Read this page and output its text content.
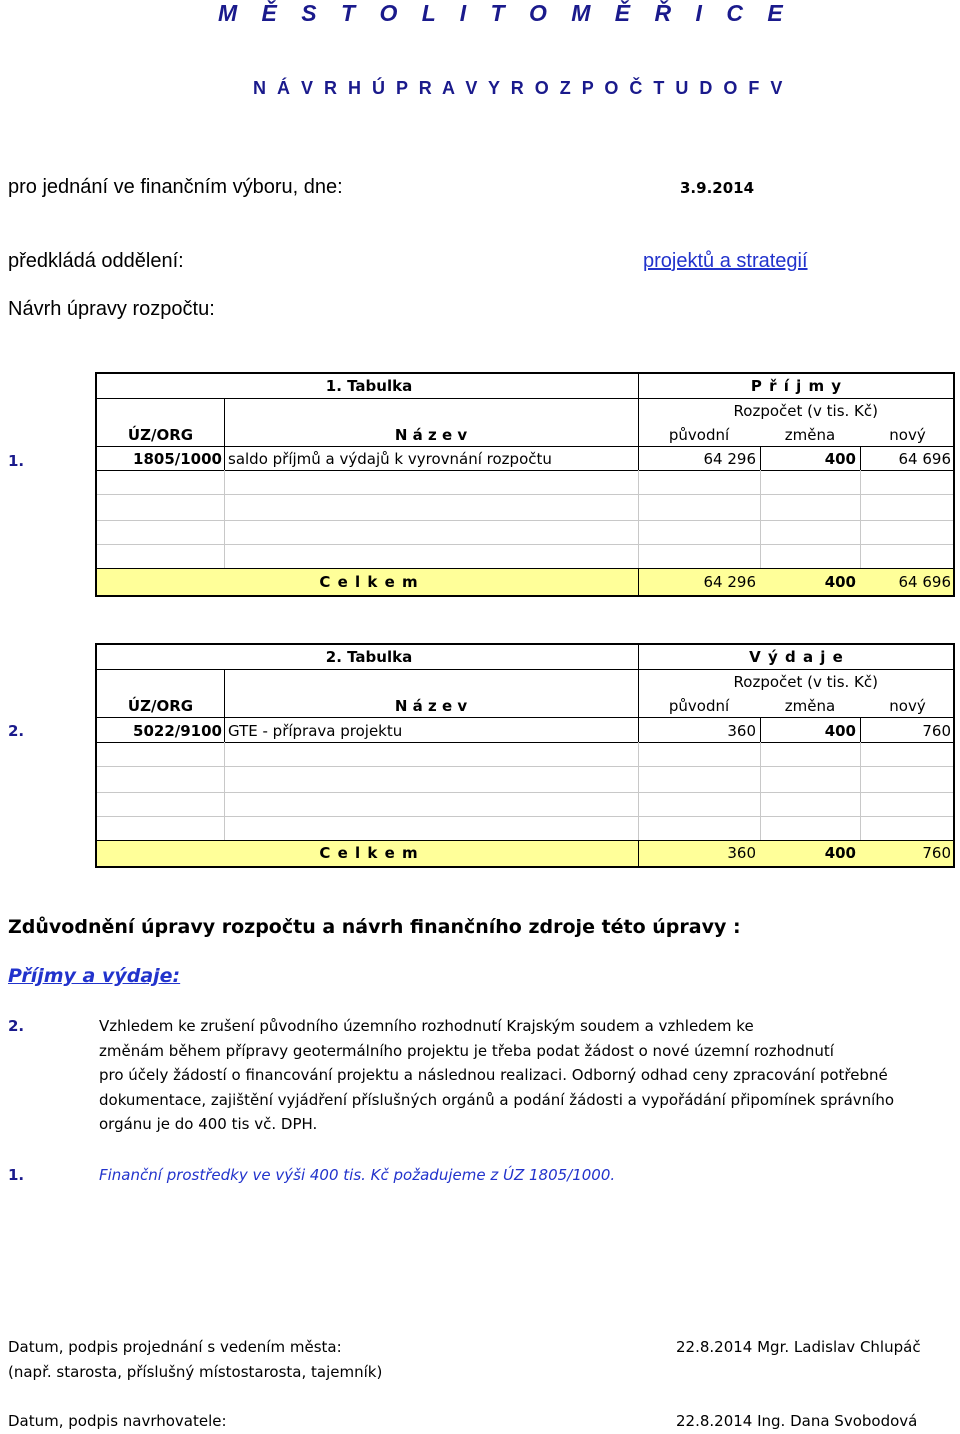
M Ě S T O L I T O M Ě Ř I C E
N Á V R H Ú P R A V Y R O Z P O Č T U D O F V
pro jednání ve finančním výboru, dne:	3.9.2014
předkládá oddělení:	projektů a strategií
Návrh úpravy rozpočtu:
1.
1. Tabulka	P ř í j m y
Rozpočet (v tis. Kč)
ÚZ/ORG	N á z e v	původní	změna	nový
1805/1000 saldo příjmů a výdajů k vyrovnání rozpočtu	64 296	400	64 696
C e l k e m	64 296	400	64 696
2.
2. Tabulka	V ý d a j e
Rozpočet (v tis. Kč)
ÚZ/ORG	N á z e v	původní	změna	nový
5022/9100 GTE - příprava projektu	360	400	760
C e l k e m	360	400	760
Zdůvodnění úpravy rozpočtu a návrh finančního zdroje této úpravy :
Příjmy a výdaje:
2.	Vzhledem ke zrušení původního územního rozhodnutí Krajským soudem a vzhledem ke
změnám během přípravy geotermálního projektu je třeba podat žádost o nové územní rozhodnutí
pro účely žádostí o financování projektu a následnou realizaci. Odborný odhad ceny zpracování potřebné
dokumentace, zajištění vyjádření příslušných orgánů a podání žádosti a vypořádání připomínek správního
orgánu je do 400 tis vč. DPH.
1.	Finanční prostředky ve výši 400 tis. Kč požadujeme z ÚZ 1805/1000.
Datum, podpis projednání s vedením města:	22.8.2014 Mgr. Ladislav Chlupáč
(např. starosta, příslušný místostarosta, tajemník)
Datum, podpis navrhovatele:	22.8.2014 Ing. Dana Svobodová
